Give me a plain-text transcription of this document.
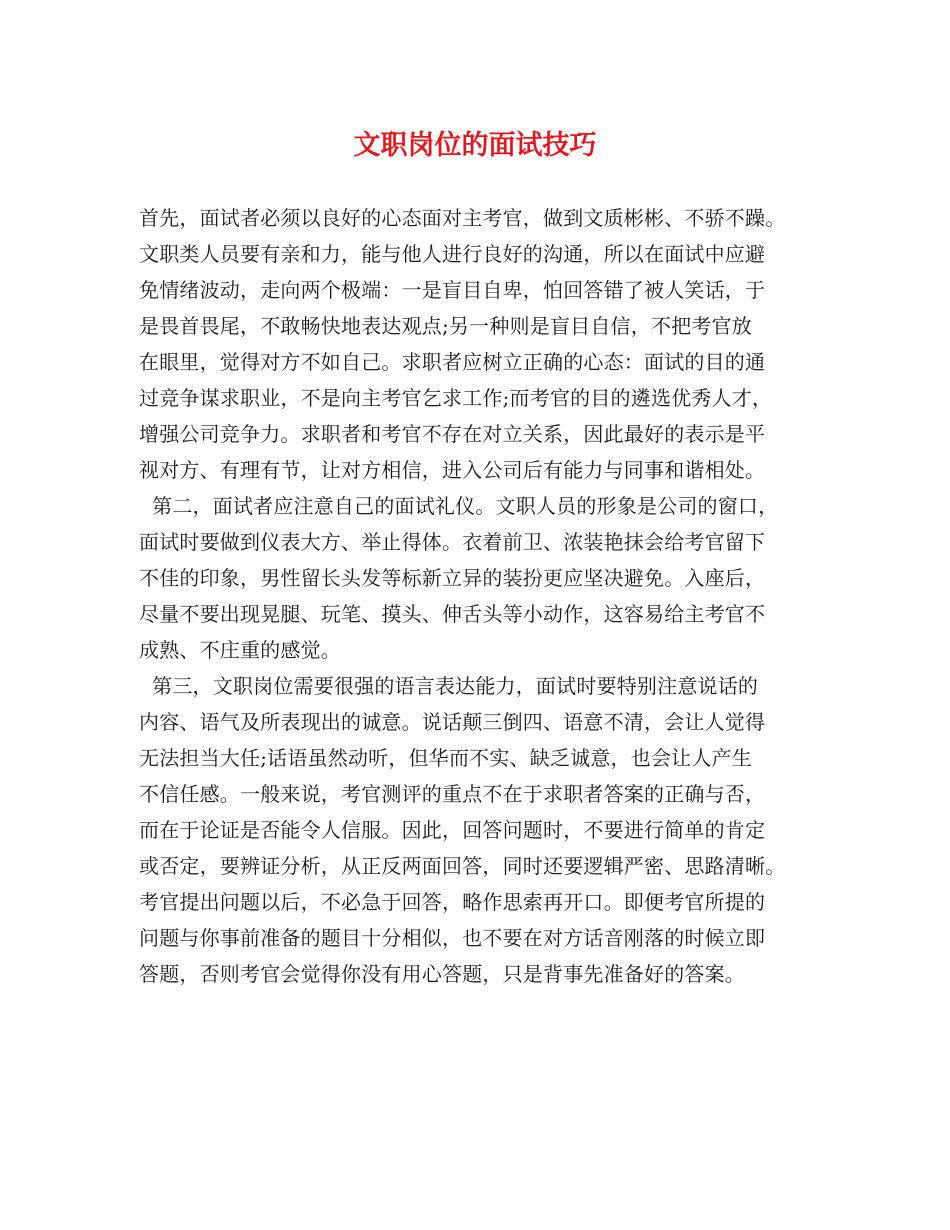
文职岗位的面试技巧
首先，面试者必须以良好的心态面对主考官，做到文质彬彬、不骄不躁。
文职类人员要有亲和力，能与他人进行良好的沟通，所以在面试中应避
免情绪波动，走向两个极端：一是盲目自卑，怕回答错了被人笑话，于
是畏首畏尾，不敢畅快地表达观点;另一种则是盲目自信，不把考官放
在眼里，觉得对方不如自己。求职者应树立正确的心态：面试的目的通
过竞争谋求职业，不是向主考官乞求工作;而考官的目的遴选优秀人才，
增强公司竞争力。求职者和考官不存在对立关系，因此最好的表示是平
视对方、有理有节，让对方相信，进入公司后有能力与同事和谐相处。
第二，面试者应注意自己的面试礼仪。文职人员的形象是公司的窗口，
面试时要做到仪表大方、举止得体。衣着前卫、浓装艳抹会给考官留下
不佳的印象，男性留长头发等标新立异的装扮更应坚决避免。入座后，
尽量不要出现晃腿、玩笔、摸头、伸舌头等小动作，这容易给主考官不
成熟、不庄重的感觉。
第三，文职岗位需要很强的语言表达能力，面试时要特别注意说话的
内容、语气及所表现出的诚意。说话颠三倒四、语意不清，会让人觉得
无法担当大任;话语虽然动听，但华而不实、缺乏诚意，也会让人产生
不信任感。一般来说，考官测评的重点不在于求职者答案的正确与否，
而在于论证是否能令人信服。因此，回答问题时，不要进行简单的肯定
或否定，要辨证分析，从正反两面回答，同时还要逻辑严密、思路清晰。
考官提出问题以后，不必急于回答，略作思索再开口。即便考官所提的
问题与你事前准备的题目十分相似，也不要在对方话音刚落的时候立即
答题，否则考官会觉得你没有用心答题，只是背事先准备好的答案。
